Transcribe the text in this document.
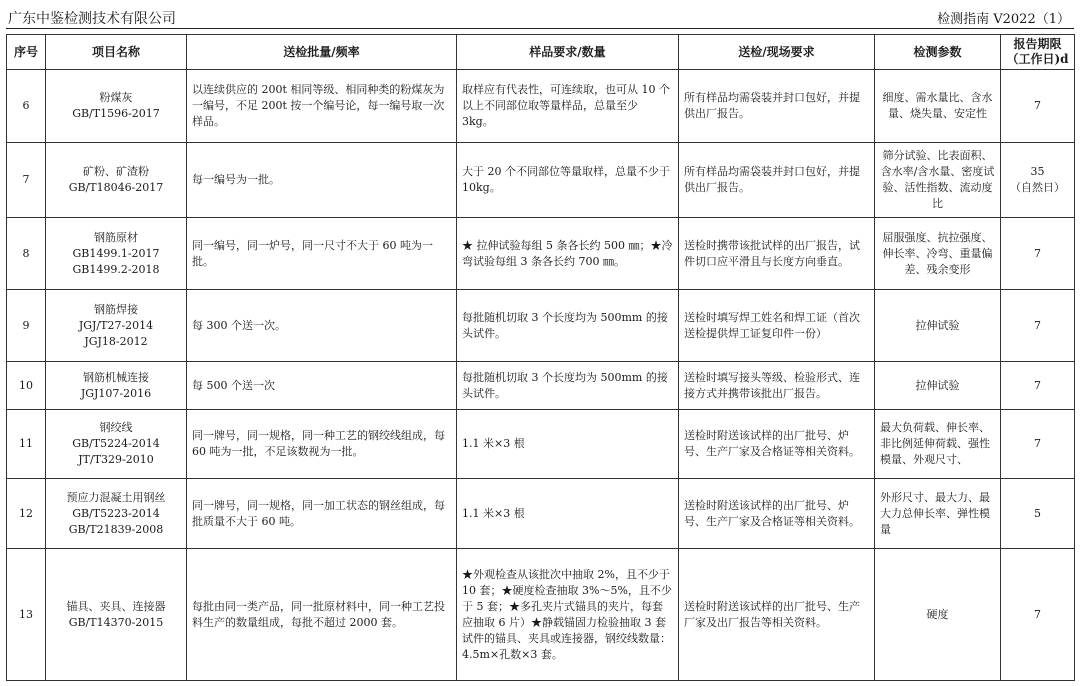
广东中鉴检测技术有限公司	检测指南 V2022（1）
序号	项目名称	送检批量/频率	样品要求/数量	送检/现场要求	检测参数	报告期限
（工作日)d

6	粉煤灰
GB/T1596-2017	以连续供应的 200t 相同等级、相同种类的粉煤灰为一编号，不足 200t 按一个编号论，每一编号取一次样品。	取样应有代表性，可连续取，也可从 10 个以上不同部位取等量样品，总量至少 3kg。	所有样品均需袋装并封口包好，并提供出厂报告。	细度、需水量比、含水量、烧失量、安定性	7
7	矿粉、矿渣粉
GB/T18046-2017	每一编号为一批。	大于 20 个不同部位等量取样，总量不少于 10kg。	所有样品均需袋装并封口包好，并提供出厂报告。	筛分试验、比表面积、含水率/含水量、密度试验、活性指数、流动度比	35
（自然日）

8	钢筋原材
GB1499.1-2017
GB1499.2-2018	同一编号，同一炉号，同一尺寸不大于 60 吨为一批。	★ 拉伸试验每组 5 条各长约 500 ㎜；★冷弯试验每组 3 条各长约 700 ㎜。	送检时携带该批试样的出厂报告，试件切口应平滑且与长度方向垂直。	屈服强度、抗拉强度、伸长率、冷弯、重量偏差、残余变形	7
9	钢筋焊接
JGJ/T27-2014
JGJ18-2012	每 300 个送一次。	每批随机切取 3 个长度均为 500mm 的接头试件。	送检时填写焊工姓名和焊工证（首次送检提供焊工证复印件一份）	拉伸试验	7
10	钢筋机械连接
JGJ107-2016	每 500 个送一次	每批随机切取 3 个长度均为 500mm 的接头试件。	送检时填写接头等级、检验形式、连接方式并携带该批出厂报告。	拉伸试验	7
11	钢绞线
GB/T5224-2014
JT/T329-2010	同一牌号，同一规格，同一种工艺的钢绞线组成，每 60 吨为一批，不足该数视为一批。	1.1 米×3 根	送检时附送该试样的出厂批号、炉号、生产厂家及合格证等相关资料。	最大负荷载、伸长率、非比例延伸荷载、强性模量、外观尺寸、	7
12	预应力混凝土用钢丝
GB/T5223-2014
GB/T21839-2008	同一牌号，同一规格，同一加工状态的钢丝组成，每批质量不大于 60 吨。	1.1 米×3 根	送检时附送该试样的出厂批号、炉号、生产厂家及合格证等相关资料。	外形尺寸、最大力、最大力总伸长率、弹性模量	5
13	锚具、夹具、连接器
GB/T14370-2015	每批由同一类产品，同一批原材料中，同一种工艺投料生产的数量组成，每批不超过 2000 套。	★外观检查从该批次中抽取 2%，且不少于 10 套；★硬度检查抽取 3%～5%，且不少于 5 套；★多孔夹片式锚具的夹片，每套应抽取 6 片）★静载锚固力检验抽取 3 套试件的锚具、夹具或连接器，钢绞线数量：4.5m×孔数×3 套。	送检时附送该试样的出厂批号、生产厂家及出厂报告等相关资料。	硬度	7
